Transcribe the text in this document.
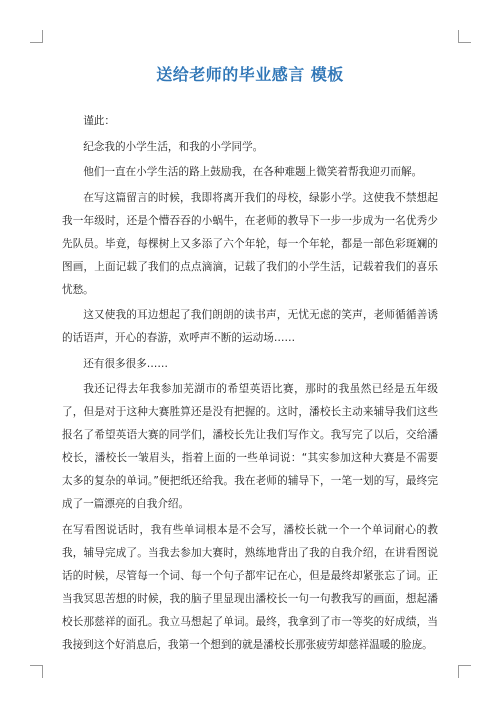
送给老师的毕业感言 模板

谨此：

纪念我的小学生活，和我的小学同学。

他们一直在小学生活的路上鼓励我，在各种难题上微笑着帮我迎刃而解。

在写这篇留言的时候，我即将离开我们的母校，绿影小学。这使我不禁想起我一年级时，还是个懵吞吞的小蜗牛，在老师的教导下一步一步成为一名优秀少先队员。毕竟，每棵树上又多添了六个年轮，每一个年轮，都是一部色彩斑斓的图画，上面记载了我们的点点滴滴，记载了我们的小学生活，记载着我们的喜乐忧愁。

这又使我的耳边想起了我们朗朗的读书声，无忧无虑的笑声，老师循循善诱的话语声，开心的春游，欢呼声不断的运动场……

还有很多很多……

我还记得去年我参加芜湖市的希望英语比赛，那时的我虽然已经是五年级了，但是对于这种大赛胜算还是没有把握的。这时，潘校长主动来辅导我们这些报名了希望英语大赛的同学们，潘校长先让我们写作文。我写完了以后，交给潘校长，潘校长一皱眉头，指着上面的一些单词说：“其实参加这种大赛是不需要太多的复杂的单词。”便把纸还给我。我在老师的辅导下，一笔一划的写，最终完成了一篇漂亮的自我介绍。

在写看图说话时，我有些单词根本是不会写，潘校长就一个一个单词耐心的教我，辅导完成了。当我去参加大赛时，熟练地背出了我的自我介绍，在讲看图说话的时候，尽管每一个词、每一个句子都牢记在心，但是最终却紧张忘了词。正当我冥思苦想的时候，我的脑子里显现出潘校长一句一句教我写的画面，想起潘校长那慈祥的面孔。我立马想起了单词。最终，我拿到了市一等奖的好成绩，当我接到这个好消息后，我第一个想到的就是潘校长那张疲劳却慈祥温暖的脸庞。
